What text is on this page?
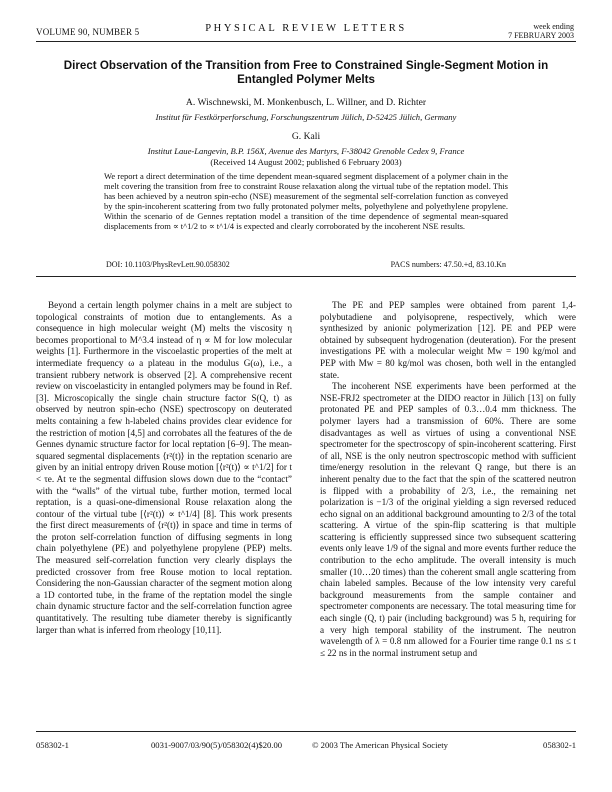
VOLUME 90, NUMBER 5	PHYSICAL REVIEW LETTERS	week ending
7 FEBRUARY 2003
Direct Observation of the Transition from Free to Constrained Single-Segment Motion in Entangled Polymer Melts
A. Wischnewski, M. Monkenbusch, L. Willner, and D. Richter
Institut für Festkörperforschung, Forschungszentrum Jülich, D-52425 Jülich, Germany
G. Kali
Institut Laue-Langevin, B.P. 156X, Avenue des Martyrs, F-38042 Grenoble Cedex 9, France
(Received 14 August 2002; published 6 February 2003)
We report a direct determination of the time dependent mean-squared segment displacement of a polymer chain in the melt covering the transition from free to constraint Rouse relaxation along the virtual tube of the reptation model. This has been achieved by a neutron spin-echo (NSE) measurement of the segmental self-correlation function as conveyed by the spin-incoherent scattering from two fully protonated polymer melts, polyethylene and polyethylene propylene. Within the scenario of de Gennes reptation model a transition of the time dependence of segmental mean-squared displacements from ∝ t^1/2 to ∝ t^1/4 is expected and clearly corroborated by the incoherent NSE results.
DOI: 10.1103/PhysRevLett.90.058302	PACS numbers: 47.50.+d, 83.10.Kn

Beyond a certain length polymer chains in a melt are subject to topological constraints of motion due to entanglements. As a consequence in high molecular weight (M) melts the viscosity η becomes proportional to M^3.4 instead of η ∝ M for low molecular weights [1]. Furthermore in the viscoelastic properties of the melt at intermediate frequency ω a plateau in the modulus G(ω), i.e., a transient rubbery network is observed [2]. A comprehensive recent review on viscoelasticity in entangled polymers may be found in Ref. [3]. Microscopically the single chain structure factor S(Q, t) as observed by neutron spin-echo (NSE) spectroscopy on deuterated melts containing a few h-labeled chains provides clear evidence for the restriction of motion [4,5] and corrobates all the features of the de Gennes dynamic structure factor for local reptation [6–9]. The mean-squared segmental displacements ⟨r²(t)⟩ in the reptation scenario are given by an initial entropy driven Rouse motion [⟨r²(t)⟩ ∝ t^1/2] for t < τe. At τe the segmental diffusion slows down due to the “contact” with the “walls” of the virtual tube, further motion, termed local reptation, is a quasi-one-dimensional Rouse relaxation along the contour of the virtual tube [⟨r²(t)⟩ ∝ t^1/4] [8]. This work presents the first direct measurements of ⟨r²(t)⟩ in space and time in terms of the proton self-correlation function of diffusing segments in long chain polyethylene (PE) and polyethylene propylene (PEP) melts. The measured self-correlation function very clearly displays the predicted crossover from free Rouse motion to local reptation. Considering the non-Gaussian character of the segment motion along a 1D contorted tube, in the frame of the reptation model the single chain dynamic structure factor and the self-correlation function agree quantitatively. The resulting tube diameter thereby is significantly larger than what is inferred from rheology [10,11].

The PE and PEP samples were obtained from parent 1,4-polybutadiene and polyisoprene, respectively, which were synthesized by anionic polymerization [12]. PE and PEP were obtained by subsequent hydrogenation (deuteration). For the present investigations PE with a molecular weight Mw = 190 kg/mol and PEP with Mw = 80 kg/mol was chosen, both well in the entangled state.

The incoherent NSE experiments have been performed at the NSE-FRJ2 spectrometer at the DIDO reactor in Jülich [13] on fully protonated PE and PEP samples of 0.3…0.4 mm thickness. The polymer layers had a transmission of 60%. There are some disadvantages as well as virtues of using a conventional NSE spectrometer for the spectroscopy of spin-incoherent scattering. First of all, NSE is the only neutron spectroscopic method with sufficient time/energy resolution in the relevant Q range, but there is an inherent penalty due to the fact that the spin of the scattered neutron is flipped with a probability of 2/3, i.e., the remaining net polarization is −1/3 of the original yielding a sign reversed reduced echo signal on an additional background amounting to 2/3 of the total scattering. A virtue of the spin-flip scattering is that multiple scattering is efficiently suppressed since two subsequent scattering events only leave 1/9 of the signal and more events further reduce the contribution to the echo amplitude. The overall intensity is much smaller (10…20 times) than the coherent small angle scattering from chain labeled samples. Because of the low intensity very careful background measurements from the sample container and spectrometer components are necessary. The total measuring time for each single (Q, t) pair (including background) was 5 h, requiring for a very high temporal stability of the instrument. The neutron wavelength of λ = 0.8 nm allowed for a Fourier time range 0.1 ns ≤ t ≤ 22 ns in the normal instrument setup and

058302-1	0031-9007/03/90(5)/058302(4)$20.00	© 2003 The American Physical Society	058302-1
